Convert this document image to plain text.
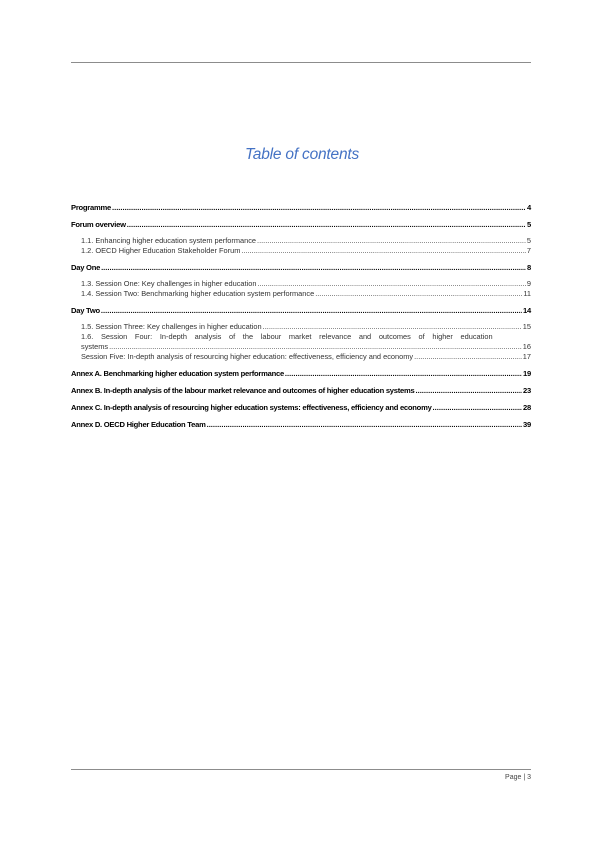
Table of contents
Programme .....	4
Forum overview .....	5
1.1. Enhancing higher education system performance .....	5
1.2. OECD Higher Education Stakeholder Forum .....	7
Day One .....	8
1.3. Session One: Key challenges in higher education .....	9
1.4. Session Two: Benchmarking higher education system performance .....	11
Day Two .....	14
1.5. Session Three: Key challenges in higher education .....	15
1.6. Session Four: In-depth analysis of the labour market relevance and outcomes of higher education
systems .....	16
Session Five: In-depth analysis of resourcing higher education: effectiveness, efficiency and economy .....	17
Annex A. Benchmarking higher education system performance .....	19
Annex B. In-depth analysis of the labour market relevance and outcomes of higher education systems .....	23
Annex C. In-depth analysis of resourcing higher education systems: effectiveness, efficiency and economy .....	28
Annex D. OECD Higher Education Team .....	39
Page | 3
